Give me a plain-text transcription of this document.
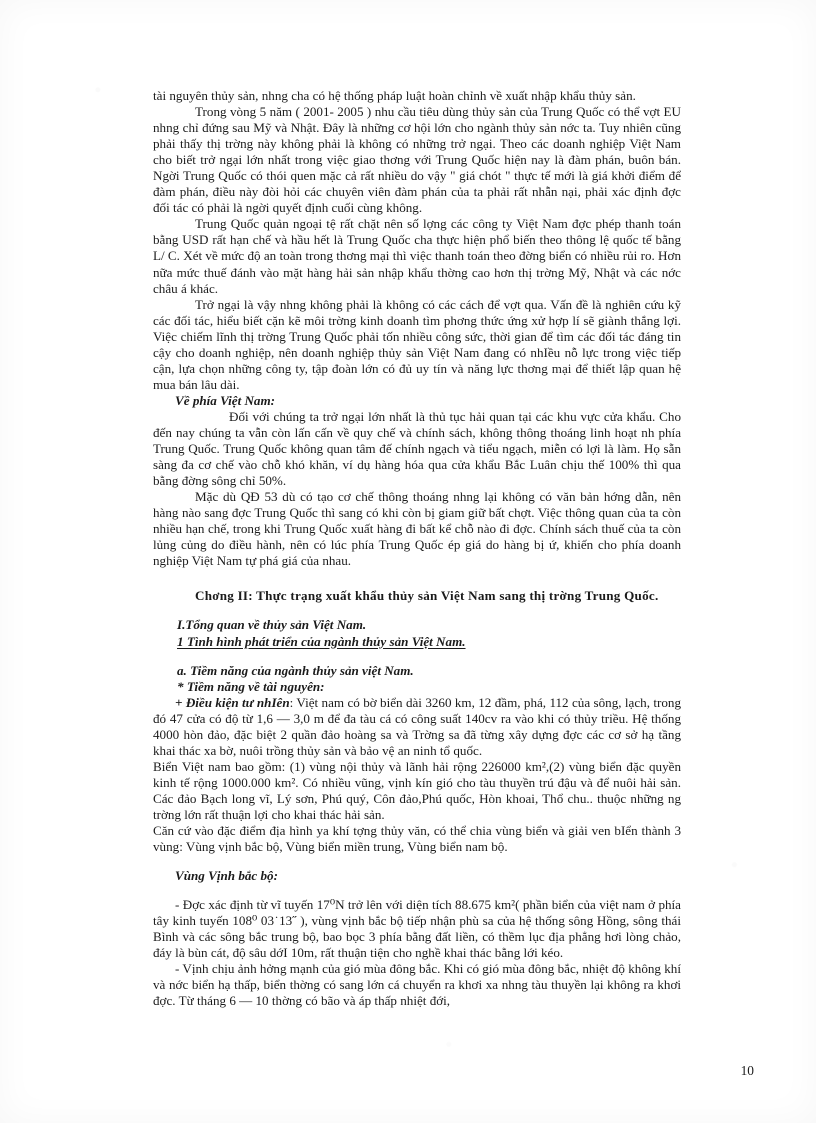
tài nguyên thủy sản, nhng cha có hệ thống pháp luật hoàn chỉnh về xuất nhập khẩu thủy sản.

Trong vòng 5 năm ( 2001- 2005 ) nhu cầu tiêu dùng thủy sản của Trung Quốc có thể vợt EU nhng chỉ đứng sau Mỹ và Nhật. Đây là những cơ hội lớn cho ngành thủy sản nớc ta. Tuy nhiên cũng phải thấy thị trờng này không phải là không có những trở ngại. Theo các doanh nghiệp Việt Nam cho biết trở ngại lớn nhất trong việc giao thơng với Trung Quốc hiện nay là đàm phán, buôn bán. Ngời Trung Quốc có thói quen mặc cả rất nhiều do vậy " giá chót " thực tế mới là giá khởi điểm để đàm phán, điều này đòi hỏi các chuyên viên đàm phán của ta phải rất nhẫn nại, phải xác định đợc đối tác có phải là ngời quyết định cuối cùng không.

Trung Quốc quản ngoại tệ rất chặt nên số lợng các công ty Việt Nam đợc phép thanh toán bằng USD rất hạn chế và hầu hết là Trung Quốc cha thực hiện phổ biến theo thông lệ quốc tế bằng L/ C. Xét về mức độ an toàn trong thơng mại thì việc thanh toán theo đờng biển có nhiều rủi ro. Hơn nữa mức thuế đánh vào mặt hàng hải sản nhập khẩu thờng cao hơn thị trờng Mỹ, Nhật và các nớc châu á khác.

Trở ngại là vậy nhng không phải là không có các cách để vợt qua. Vấn đề là nghiên cứu kỹ các đối tác, hiểu biết cặn kẽ môi trờng kinh doanh tìm phơng thức ứng xử hợp lí sẽ giành thắng lợi. Việc chiếm lĩnh thị trờng Trung Quốc phải tốn nhiều công sức, thời gian để tìm các đối tác đáng tin cậy cho doanh nghiệp, nên doanh nghiệp thủy sản Việt Nam đang có nhIều nỗ lực trong việc tiếp cận, lựa chọn những công ty, tập đoàn lớn có đủ uy tín và năng lực thơng mại để thiết lập quan hệ mua bán lâu dài.

Về phía Việt Nam:

Đối với chúng ta trở ngại lớn nhất là thủ tục hải quan tại các khu vực cửa khẩu. Cho đến nay chúng ta vẫn còn lấn cấn về quy chế và chính sách, không thông thoáng linh hoạt nh phía Trung Quốc. Trung Quốc không quan tâm đế chính ngạch và tiểu ngạch, miễn có lợi là làm. Họ sẵn sàng đa cơ chế vào chỗ khó khăn, ví dụ hàng hóa qua cửa khẩu Bắc Luân chịu thế 100% thì qua bằng đờng sông chỉ 50%.

Mặc dù QĐ 53 dù có tạo cơ chế thông thoáng nhng lại không có văn bản hớng dẫn, nên hàng nào sang đợc Trung Quốc thì sang có khi còn bị giam giữ bất chợt. Việc thông quan của ta còn nhiều hạn chế, trong khi Trung Quốc xuất hàng đi bất kể chỗ nào đi đợc. Chính sách thuế của ta còn lủng củng do điều hành, nên có lúc phía Trung Quốc ép giá do hàng bị ứ, khiến cho phía doanh nghiệp Việt Nam tự phá giá của nhau.

Chơng II: Thực trạng xuất khẩu thủy sản Việt Nam sang thị trờng Trung Quốc.

I.Tổng quan về thủy sản Việt Nam.

1 Tình hình phát triển của ngành thủy sản Việt Nam.

a. Tiềm năng của ngành thủy sản việt Nam.

* Tiềm năng về tài nguyên:

+ Điều kiện tư nhIên: Việt nam có bờ biển dài 3260 km, 12 đầm, phá, 112 của sông, lạch, trong đó 47 cửa có độ từ 1,6 — 3,0 m để đa tàu cá có công suất 140cv ra vào khi có thủy triều. Hệ thống 4000 hòn đảo, đặc biệt 2 quần đảo hoàng sa và Trờng sa đã từng xây dựng đợc các cơ sở hạ tầng khai thác xa bờ, nuôi trồng thủy sản và bảo vệ an ninh tổ quốc.

Biển Việt nam bao gồm: (1) vùng nội thủy và lãnh hải rộng 226000 km²,(2) vùng biển đặc quyền kinh tế rộng 1000.000 km². Có nhiều vũng, vịnh kín gió cho tàu thuyền trú đậu và để nuôi hải sản. Các đảo Bạch long vĩ, Lý sơn, Phú quý, Côn đảo,Phú quốc, Hòn khoai, Thổ chu.. thuộc những ng trờng lớn rất thuận lợi cho khai thác hải sản.

Căn cứ vào đặc điểm địa hình ya khí tợng thủy văn, có thể chia vùng biển và giải ven bIển thành 3 vùng: Vùng vịnh bắc bộ, Vùng biển miền trung, Vùng biển nam bộ.

Vùng Vịnh bắc bộ:

- Đợc xác định từ vĩ tuyến 17⁰N trở lên với diện tích 88.675 km²( phần biển của việt nam ở phía tây kinh tuyến 108⁰ 03˙13˝ ), vùng vịnh bắc bộ tiếp nhận phù sa của hệ thống sông Hồng, sông thái Bình và các sông bắc trung bộ, bao bọc 3 phía bằng đất liền, có thềm lục địa phẳng hơi lòng chảo, đáy là bùn cát, độ sâu dớI 10m, rất thuận tiện cho nghề khai thác bằng lới kéo.

- Vịnh chịu ảnh hởng mạnh của gió mùa đông bắc. Khi có gió mùa đông bắc, nhiệt độ không khí và nớc biển hạ thấp, biển thờng có sang lớn cá chuyển ra khơi xa nhng tàu thuyền lại không ra khơi đợc. Từ tháng 6 — 10 thờng có bão và áp thấp nhiệt đới,

10
